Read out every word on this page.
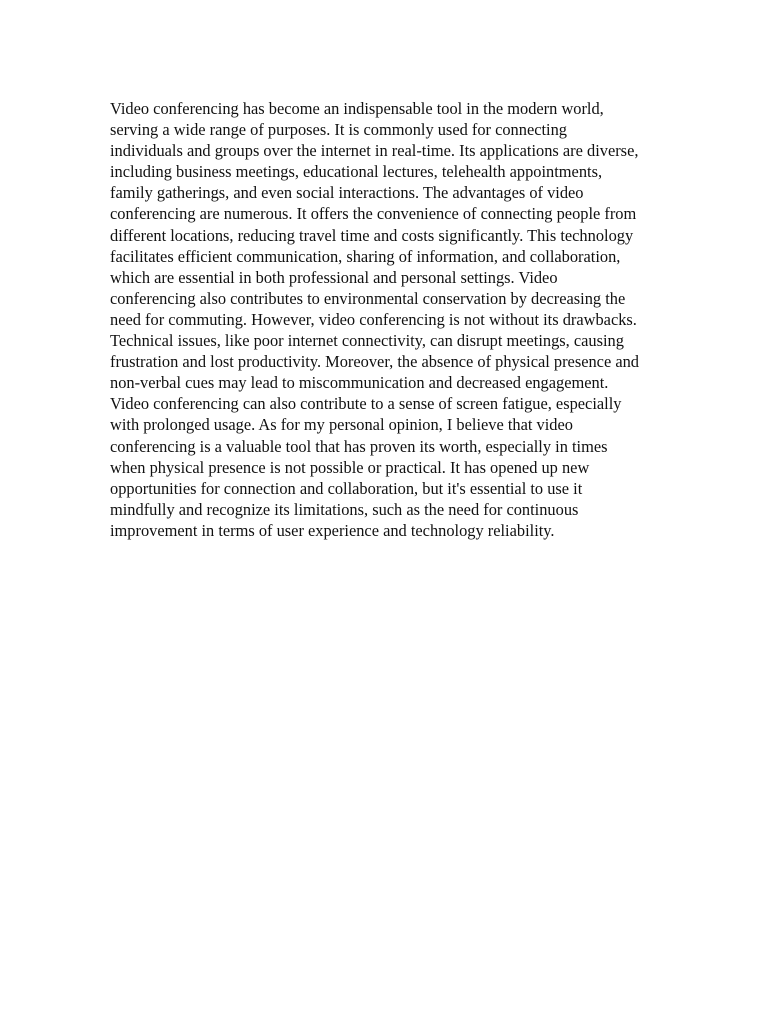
Video conferencing has become an indispensable tool in the modern world,
serving a wide range of purposes. It is commonly used for connecting
individuals and groups over the internet in real-time. Its applications are diverse,
including business meetings, educational lectures, telehealth appointments,
family gatherings, and even social interactions. The advantages of video
conferencing are numerous. It offers the convenience of connecting people from
different locations, reducing travel time and costs significantly. This technology
facilitates efficient communication, sharing of information, and collaboration,
which are essential in both professional and personal settings. Video
conferencing also contributes to environmental conservation by decreasing the
need for commuting. However, video conferencing is not without its drawbacks.
Technical issues, like poor internet connectivity, can disrupt meetings, causing
frustration and lost productivity. Moreover, the absence of physical presence and
non-verbal cues may lead to miscommunication and decreased engagement.
Video conferencing can also contribute to a sense of screen fatigue, especially
with prolonged usage. As for my personal opinion, I believe that video
conferencing is a valuable tool that has proven its worth, especially in times
when physical presence is not possible or practical. It has opened up new
opportunities for connection and collaboration, but it's essential to use it
mindfully and recognize its limitations, such as the need for continuous
improvement in terms of user experience and technology reliability.
